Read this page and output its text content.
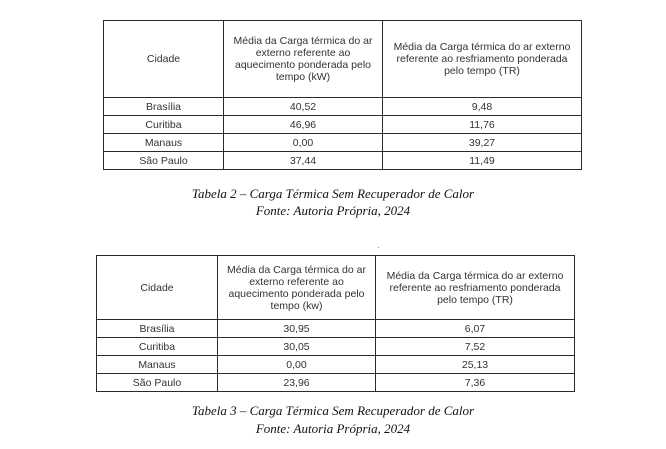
Cidade	Média da Carga térmica do ar externo referente ao aquecimento ponderada pelo tempo (kW)	Média da Carga térmica do ar externo referente ao resfriamento ponderada pelo tempo (TR)
Brasília	40,52	9,48
Curitiba	46,96	11,76
Manaus	0,00	39,27
São Paulo	37,44	11,49

Tabela 2 – Carga Térmica Sem Recuperador de Calor

Fonte: Autoria Própria, 2024

Cidade	Média da Carga térmica do ar externo referente ao aquecimento ponderada pelo tempo (kw)	Média da Carga térmica do ar externo referente ao resfriamento ponderada pelo tempo (TR)
Brasília	30,95	6,07
Curitiba	30,05	7,52
Manaus	0,00	25,13
São Paulo	23,96	7,36

Tabela 3 – Carga Térmica Sem Recuperador de Calor

Fonte: Autoria Própria, 2024
